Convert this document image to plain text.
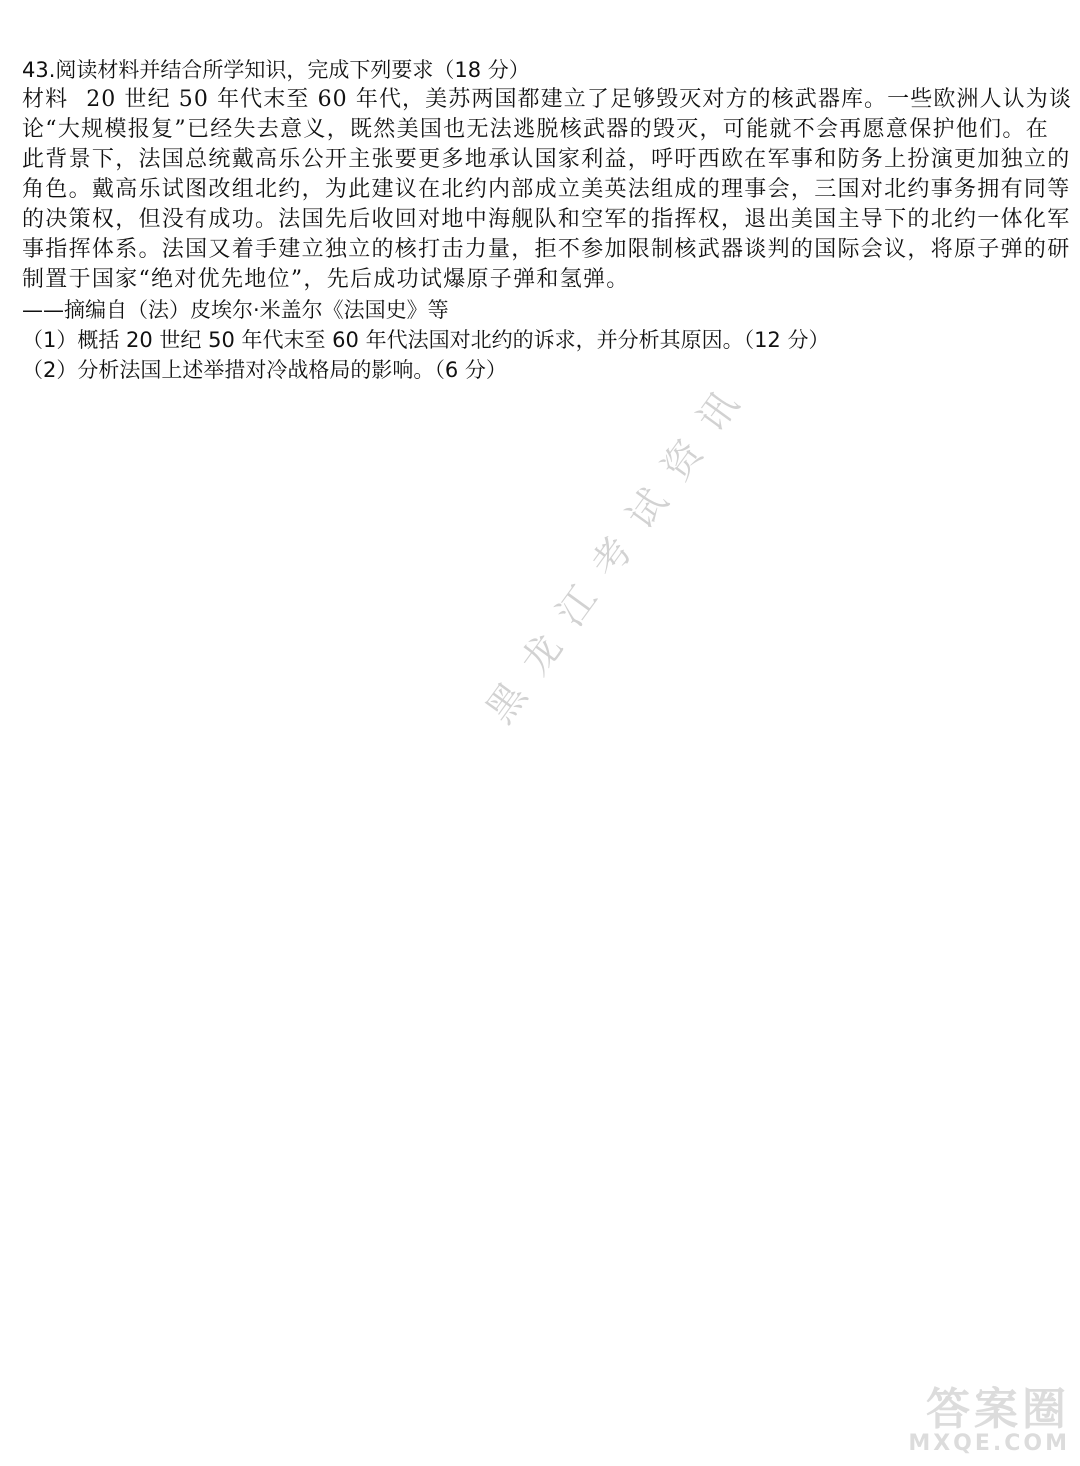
43.阅读材料并结合所学知识，完成下列要求（18 分）
材料 20 世纪 50 年代末至 60 年代，美苏两国都建立了足够毁灭对方的核武器库。一些欧洲人认为谈
论“大规模报复”已经失去意义，既然美国也无法逃脱核武器的毁灭，可能就不会再愿意保护他们。在
此背景下，法国总统戴高乐公开主张要更多地承认国家利益，呼吁西欧在军事和防务上扮演更加独立的
角色。戴高乐试图改组北约，为此建议在北约内部成立美英法组成的理事会，三国对北约事务拥有同等
的决策权，但没有成功。法国先后收回对地中海舰队和空军的指挥权，退出美国主导下的北约一体化军
事指挥体系。法国又着手建立独立的核打击力量，拒不参加限制核武器谈判的国际会议，将原子弹的研
制置于国家“绝对优先地位”，先后成功试爆原子弹和氢弹。
——摘编自（法）皮埃尔·米盖尔《法国史》等
（1）概括 20 世纪 50 年代末至 60 年代法国对北约的诉求，并分析其原因。（12 分）
（2）分析法国上述举措对冷战格局的影响。（6 分）
黑龙江考试资讯
答案圈
MXQE.COM
